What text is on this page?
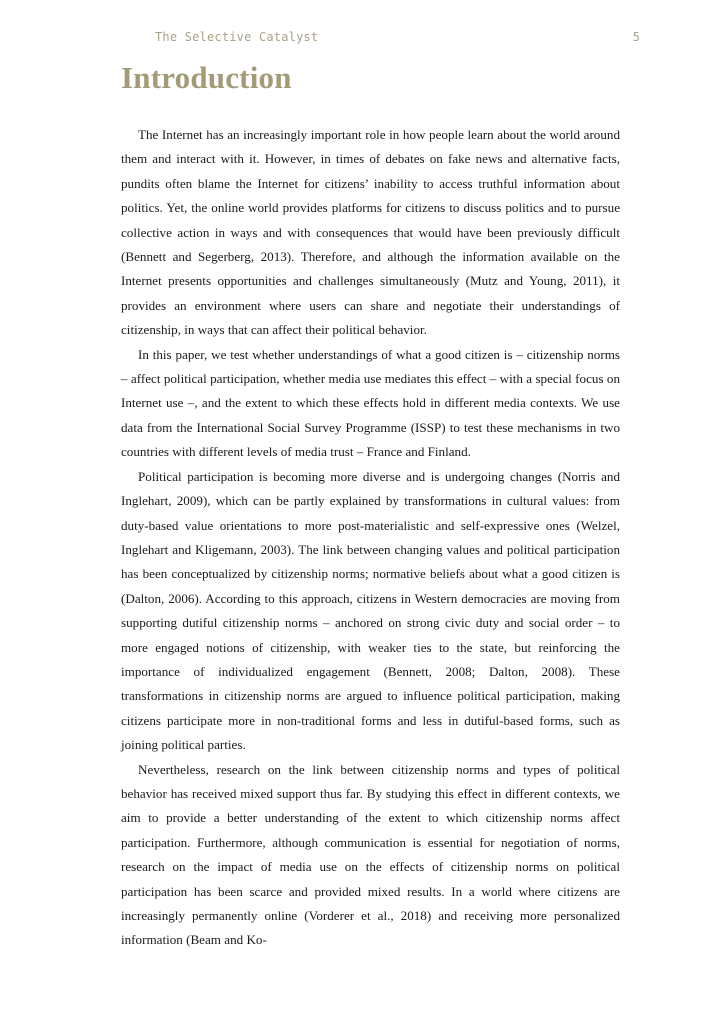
The Selective Catalyst	5
Introduction

The Internet has an increasingly important role in how people learn about the world around them and interact with it. However, in times of debates on fake news and alternative facts, pundits often blame the Internet for citizens’ inability to access truthful information about politics. Yet, the online world provides platforms for citizens to discuss politics and to pursue collective action in ways and with consequences that would have been previously difficult (Bennett and Segerberg, 2013). Therefore, and although the information available on the Internet presents opportunities and challenges simultaneously (Mutz and Young, 2011), it provides an environment where users can share and negotiate their understandings of citizenship, in ways that can affect their political behavior.

In this paper, we test whether understandings of what a good citizen is – citizenship norms – affect political participation, whether media use mediates this effect – with a special focus on Internet use –, and the extent to which these effects hold in different media contexts. We use data from the International Social Survey Programme (ISSP) to test these mechanisms in two countries with different levels of media trust – France and Finland.

Political participation is becoming more diverse and is undergoing changes (Norris and Inglehart, 2009), which can be partly explained by transformations in cultural values: from duty-based value orientations to more post-materialistic and self-expressive ones (Welzel, Inglehart and Kligemann, 2003). The link between changing values and political participation has been conceptualized by citizenship norms; normative beliefs about what a good citizen is (Dalton, 2006). According to this approach, citizens in Western democracies are moving from supporting dutiful citizenship norms – anchored on strong civic duty and social order – to more engaged notions of citizenship, with weaker ties to the state, but reinforcing the importance of individualized engagement (Bennett, 2008; Dalton, 2008). These transformations in citizenship norms are argued to influence political participation, making citizens participate more in non-traditional forms and less in dutiful-based forms, such as joining political parties.

Nevertheless, research on the link between citizenship norms and types of political behavior has received mixed support thus far. By studying this effect in different contexts, we aim to provide a better understanding of the extent to which citizenship norms affect participation. Furthermore, although communication is essential for negotiation of norms, research on the impact of media use on the effects of citizenship norms on political participation has been scarce and provided mixed results. In a world where citizens are increasingly permanently online (Vorderer et al., 2018) and receiving more personalized information (Beam and Ko-
